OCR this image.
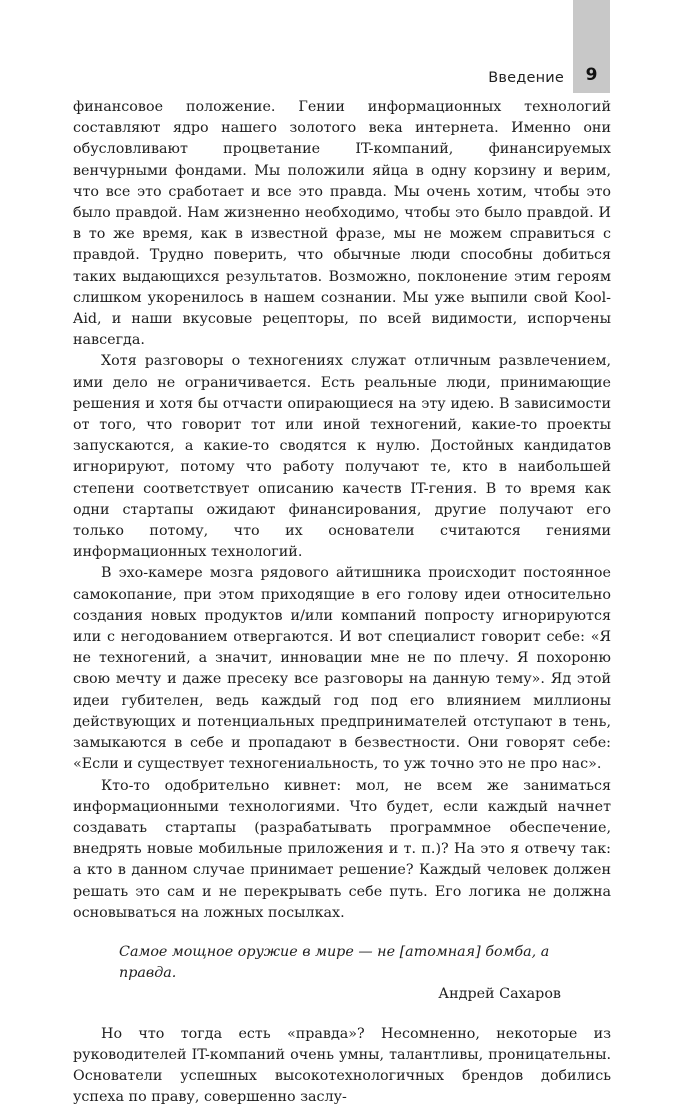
9
Введение

финансовое положение. Гении информационных технологий составляют ядро нашего золотого века интернета. Именно они обусловливают процветание IT-компаний, финансируемых венчурными фондами. Мы положили яйца в одну корзину и верим, что все это сработает и все это правда. Мы очень хотим, чтобы это было правдой. Нам жизненно необходимо, чтобы это было правдой. И в то же время, как в известной фразе, мы не можем справиться с правдой. Трудно поверить, что обычные люди способны добиться таких выдающихся результатов. Возможно, поклонение этим героям слишком укоренилось в нашем сознании. Мы уже выпили свой Kool-Aid, и наши вкусовые рецепторы, по всей видимости, испорчены навсегда.

Хотя разговоры о техногениях служат отличным развлечением, ими дело не ограничивается. Есть реальные люди, принимающие решения и хотя бы отчасти опирающиеся на эту идею. В зависимости от того, что говорит тот или иной техногений, какие-то проекты запускаются, а какие-то сводятся к нулю. Достойных кандидатов игнорируют, потому что работу получают те, кто в наибольшей степени соответствует описанию качеств IT-гения. В то время как одни стартапы ожидают финансирования, другие получают его только потому, что их основатели считаются гениями информационных технологий.

В эхо-камере мозга рядового айтишника происходит постоянное самокопание, при этом приходящие в его голову идеи относительно создания новых продуктов и/или компаний попросту игнорируются или с негодованием отвергаются. И вот специалист говорит себе: «Я не техногений, а значит, инновации мне не по плечу. Я похороню свою мечту и даже пресеку все разговоры на данную тему». Яд этой идеи губителен, ведь каждый год под его влиянием миллионы действующих и потенциальных предпринимателей отступают в тень, замыкаются в себе и пропадают в безвестности. Они говорят себе: «Если и существует техногениальность, то уж точно это не про нас».

Кто-то одобрительно кивнет: мол, не всем же заниматься информационными технологиями. Что будет, если каждый начнет создавать стартапы (разрабатывать программное обеспечение, внедрять новые мобильные приложения и т. п.)? На это я отвечу так: а кто в данном случае принимает решение? Каждый человек должен решать это сам и не перекрывать себе путь. Его логика не должна основываться на ложных посылках.

Самое мощное оружие в мире — не [атомная] бомба, а правда.
Андрей Сахаров

Но что тогда есть «правда»? Несомненно, некоторые из руководителей IT-компаний очень умны, талантливы, проницательны. Основатели успешных высокотехнологичных брендов добились успеха по праву, совершенно заслу-
